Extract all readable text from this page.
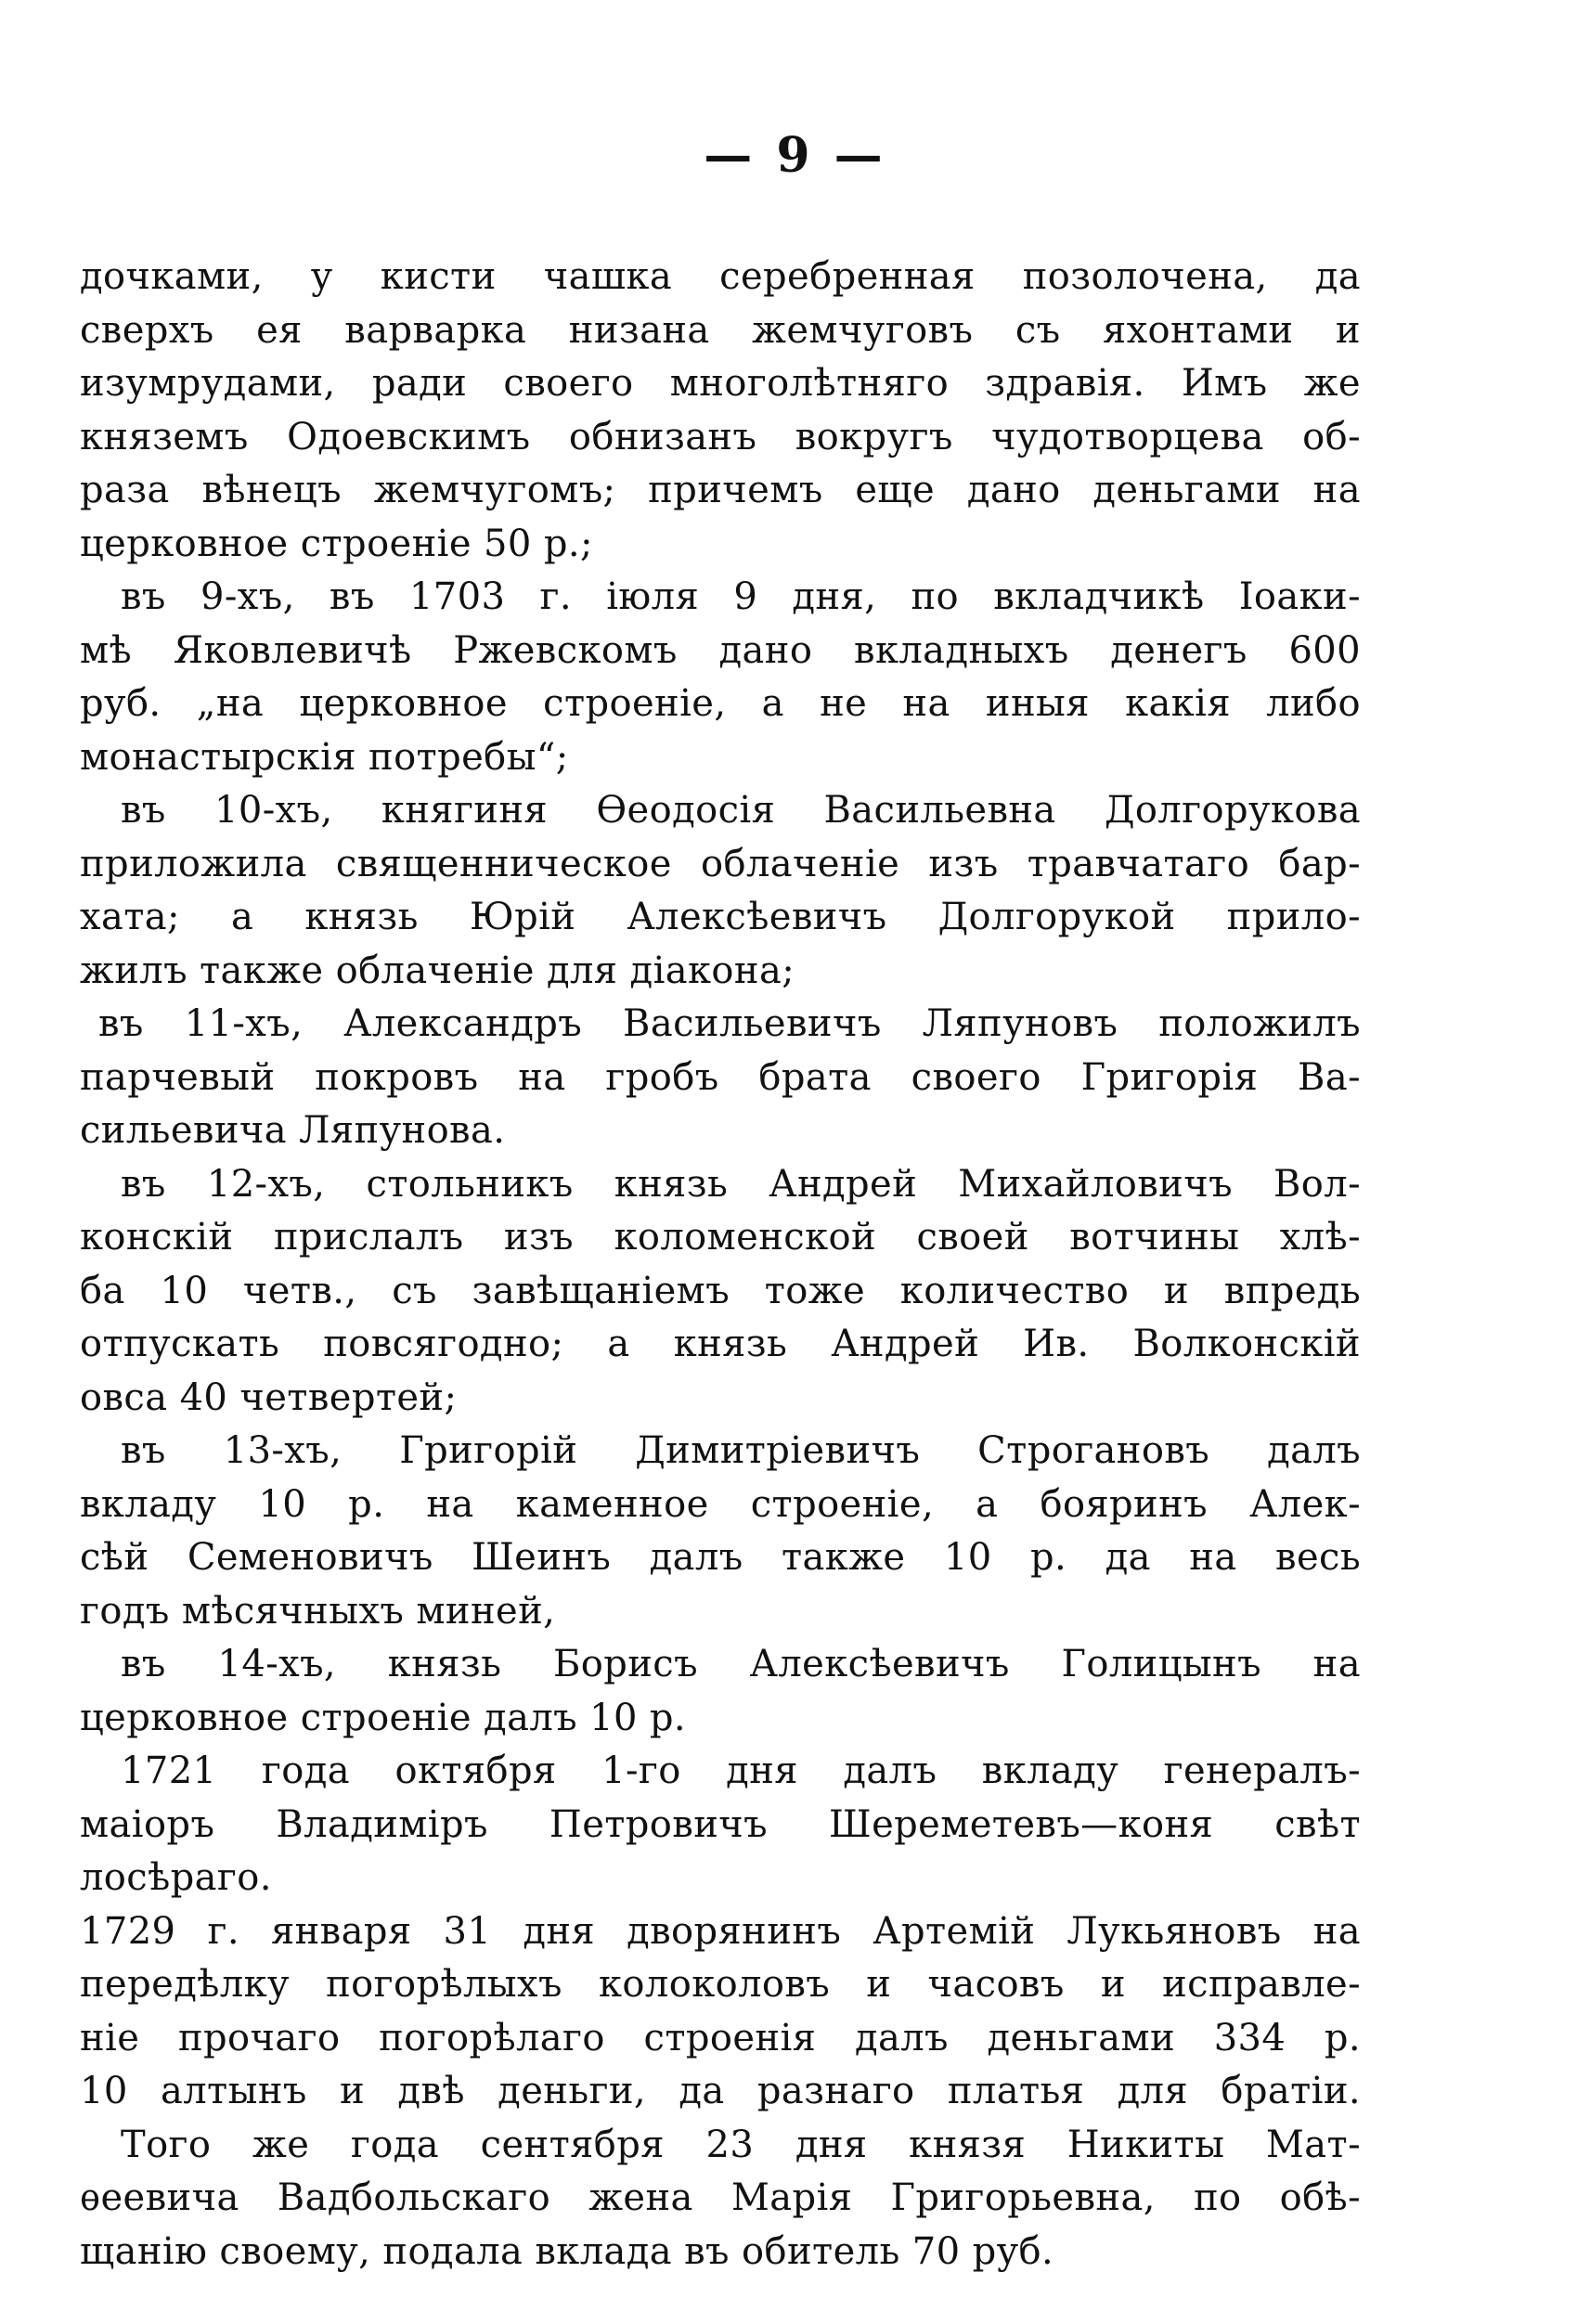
— 9 —
дочками, у кисти чашка серебренная позолочена, да
сверхъ ея варварка низана жемчуговъ съ яхонтами и
изумрудами, ради своего многолѣтняго здравія. Имъ же
княземъ Одоевскимъ обнизанъ вокругъ чудотворцева об-
раза вѣнецъ жемчугомъ; причемъ еще дано деньгами на
церковное строеніе 50 р.;
въ 9-хъ, въ 1703 г. іюля 9 дня, по вкладчикѣ Іоаки-
мѣ Яковлевичѣ Ржевскомъ дано вкладныхъ денегъ 600
руб. „на церковное строеніе, а не на иныя какія либо
монастырскія потребы“;
въ 10-хъ, княгиня Ѳеодосія Васильевна Долгорукова
приложила священническое облаченіе изъ травчатаго бар-
хата; а князь Юрій Алексѣевичъ Долгорукой прило-
жилъ также облаченіе для діакона;
въ 11-хъ, Александръ Васильевичъ Ляпуновъ положилъ
парчевый покровъ на гробъ брата своего Григорія Ва-
сильевича Ляпунова.
въ 12-хъ, стольникъ князь Андрей Михайловичъ Вол-
конскій прислалъ изъ коломенской своей вотчины хлѣ-
ба 10 четв., съ завѣщаніемъ тоже количество и впредь
отпускать повсягодно; а князь Андрей Ив. Волконскій
овса 40 четвертей;
въ 13-хъ, Григорій Димитріевичъ Строгановъ далъ
вкладу 10 р. на каменное строеніе, а бояринъ Алек-
сѣй Семеновичъ Шеинъ далъ также 10 р. да на весь
годъ мѣсячныхъ миней,
въ 14-хъ, князь Борисъ Алексѣевичъ Голицынъ на
церковное строеніе далъ 10 р.
1721 года октября 1-го дня далъ вкладу генералъ-
маіоръ Владиміръ Петровичъ Шереметевъ—коня свѣт
лосѣраго.
1729 г. января 31 дня дворянинъ Артемій Лукьяновъ на
передѣлку погорѣлыхъ колоколовъ и часовъ и исправле-
ніе прочаго погорѣлаго строенія далъ деньгами 334 р.
10 алтынъ и двѣ деньги, да разнаго платья для братіи.
Того же года сентября 23 дня князя Никиты Мат-
ѳеевича Вадбольскаго жена Марія Григорьевна, по обѣ-
щанію своему, подала вклада въ обитель 70 руб.
